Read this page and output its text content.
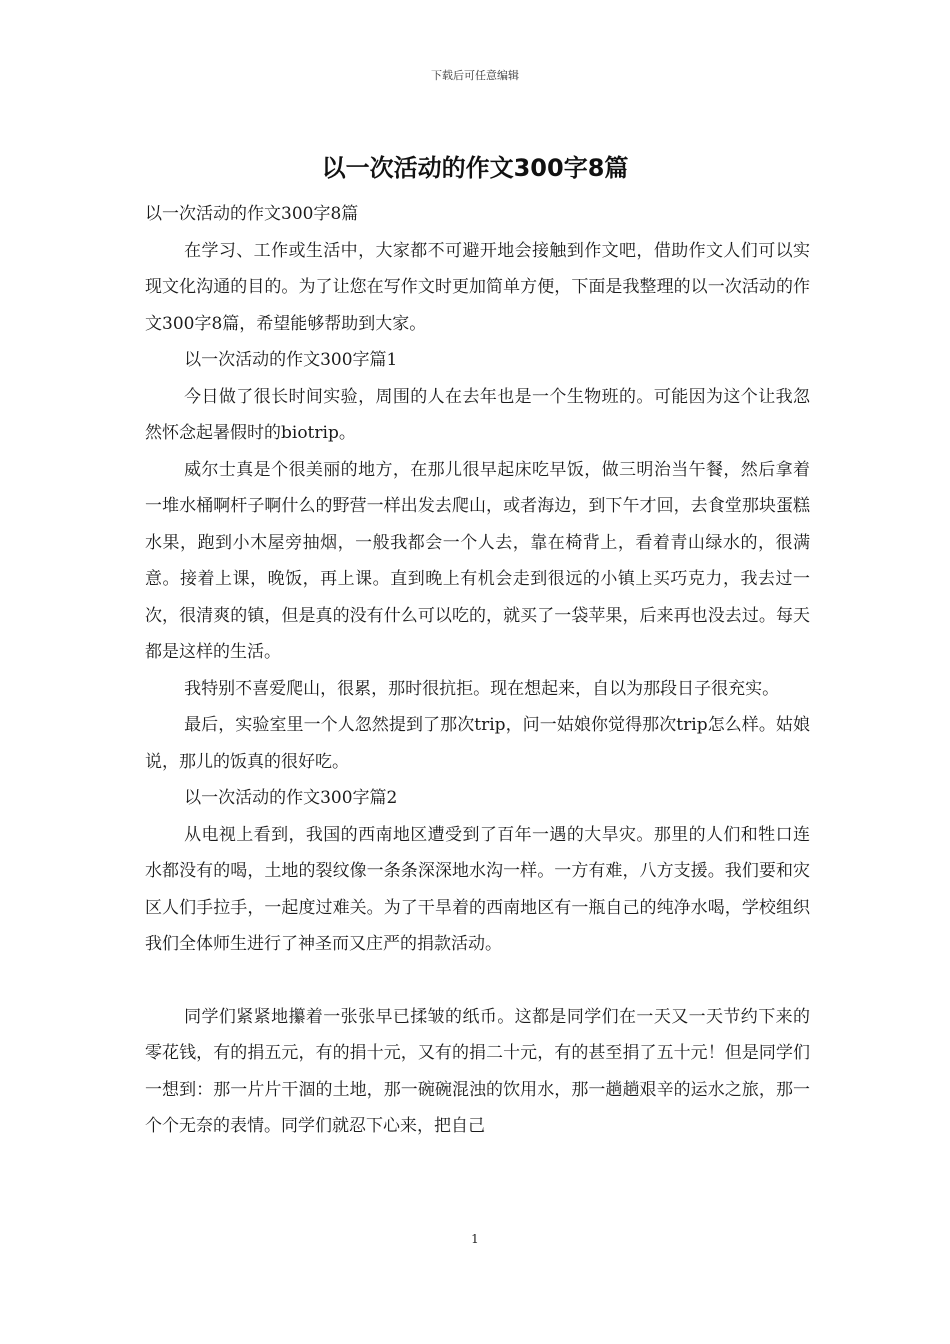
下载后可任意编辑
以一次活动的作文300字8篇

以一次活动的作文300字8篇

在学习、工作或生活中，大家都不可避开地会接触到作文吧，借助作文人们可以实现文化沟通的目的。为了让您在写作文时更加简单方便，下面是我整理的以一次活动的作文300字8篇，希望能够帮助到大家。

以一次活动的作文300字篇1

今日做了很长时间实验，周围的人在去年也是一个生物班的。可能因为这个让我忽然怀念起暑假时的biotrip。

威尔士真是个很美丽的地方，在那儿很早起床吃早饭，做三明治当午餐，然后拿着一堆水桶啊杆子啊什么的野营一样出发去爬山，或者海边，到下午才回，去食堂那块蛋糕水果，跑到小木屋旁抽烟，一般我都会一个人去，靠在椅背上，看着青山绿水的，很满意。接着上课，晚饭，再上课。直到晚上有机会走到很远的小镇上买巧克力，我去过一次，很清爽的镇，但是真的没有什么可以吃的，就买了一袋苹果，后来再也没去过。每天都是这样的生活。

我特别不喜爱爬山，很累，那时很抗拒。现在想起来，自以为那段日子很充实。

最后，实验室里一个人忽然提到了那次trip，问一姑娘你觉得那次trip怎么样。姑娘说，那儿的饭真的很好吃。

以一次活动的作文300字篇2

从电视上看到，我国的西南地区遭受到了百年一遇的大旱灾。那里的人们和牲口连水都没有的喝，土地的裂纹像一条条深深地水沟一样。一方有难，八方支援。我们要和灾区人们手拉手，一起度过难关。为了干旱着的西南地区有一瓶自己的纯净水喝，学校组织我们全体师生进行了神圣而又庄严的捐款活动。

同学们紧紧地攥着一张张早已揉皱的纸币。这都是同学们在一天又一天节约下来的零花钱，有的捐五元，有的捐十元，又有的捐二十元，有的甚至捐了五十元！但是同学们一想到：那一片片干涸的土地，那一碗碗混浊的饮用水，那一趟趟艰辛的运水之旅，那一个个无奈的表情。同学们就忍下心来，把自己

1
